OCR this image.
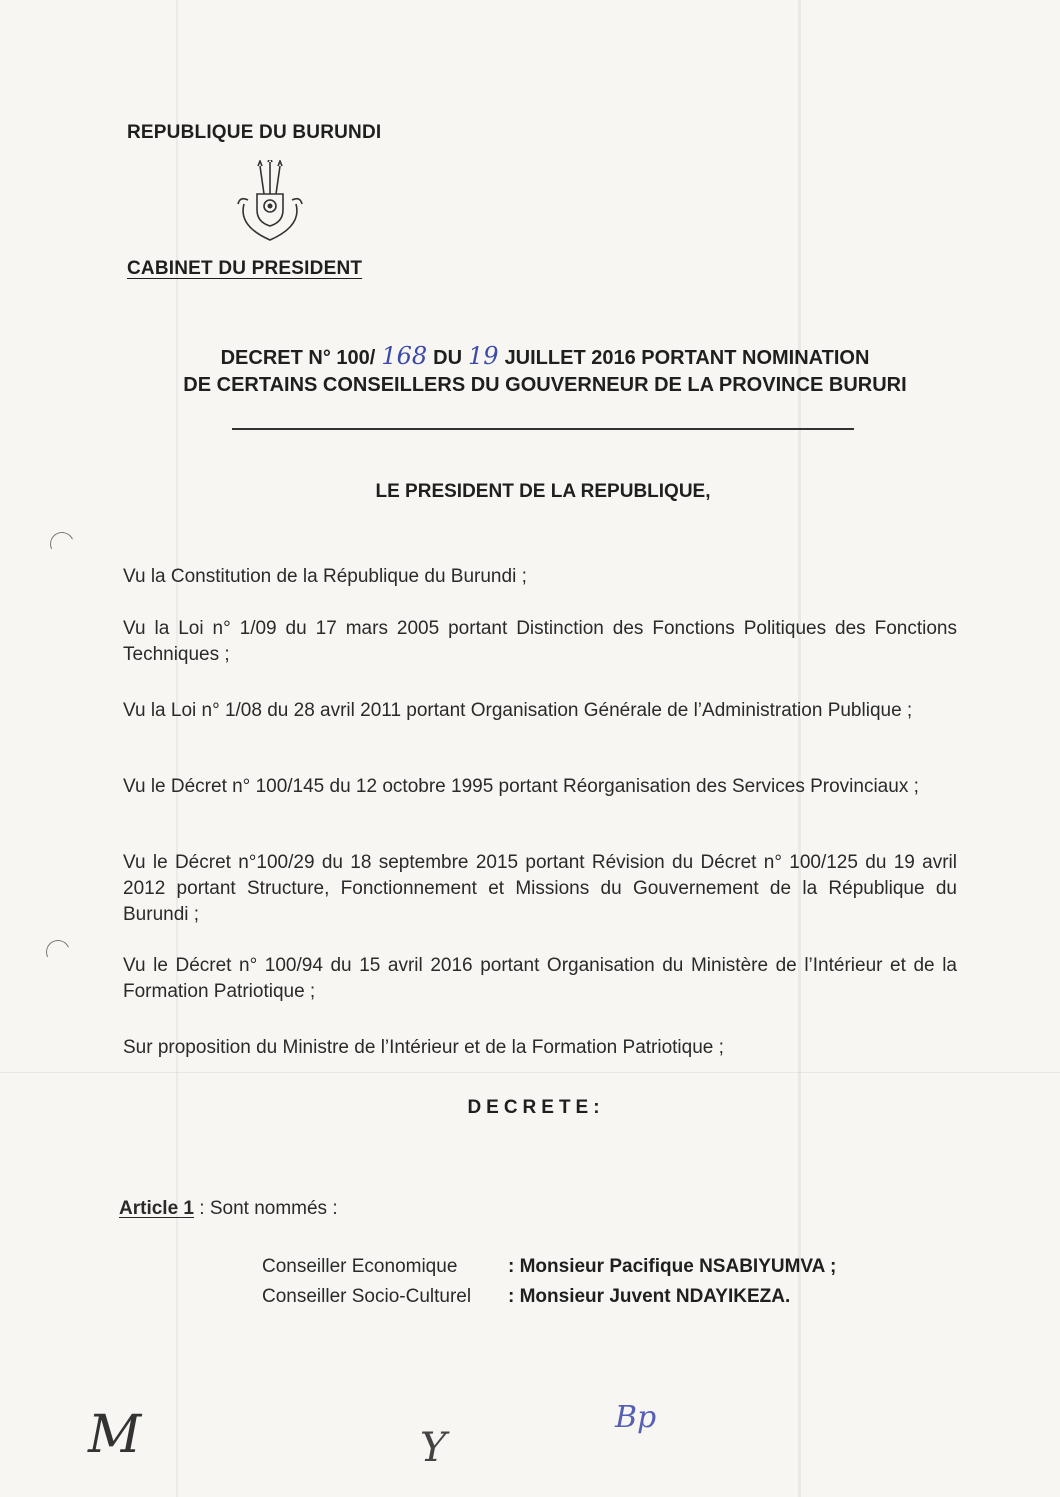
REPUBLIQUE DU BURUNDI
CABINET DU PRESIDENT
DECRET N° 100/ 168 DU 19 JUILLET 2016 PORTANT NOMINATION
DE CERTAINS CONSEILLERS DU GOUVERNEUR DE LA PROVINCE BURURI
LE PRESIDENT DE LA REPUBLIQUE,
Vu la Constitution de la République du Burundi ;
Vu la Loi n° 1/09 du 17 mars 2005 portant Distinction des Fonctions Politiques des Fonctions Techniques ;
Vu la Loi n° 1/08 du 28 avril 2011 portant Organisation Générale de l’Administration Publique ;
Vu le Décret n° 100/145 du 12 octobre 1995 portant Réorganisation des Services Provinciaux ;
Vu le Décret n°100/29 du 18 septembre 2015 portant Révision du Décret n° 100/125 du 19 avril 2012 portant Structure, Fonctionnement et Missions du Gouvernement de la République du Burundi ;
Vu le Décret n° 100/94 du 15 avril 2016 portant Organisation du Ministère de l’Intérieur et de la Formation Patriotique ;
Sur proposition du Ministre de l’Intérieur et de la Formation Patriotique ;
DECRETE:
Article 1 : Sont nommés :
Conseiller Economique	: Monsieur Pacifique NSABIYUMVA ;
Conseiller Socio-Culturel : Monsieur Juvent NDAYIKEZA.
M	Y
Bp
